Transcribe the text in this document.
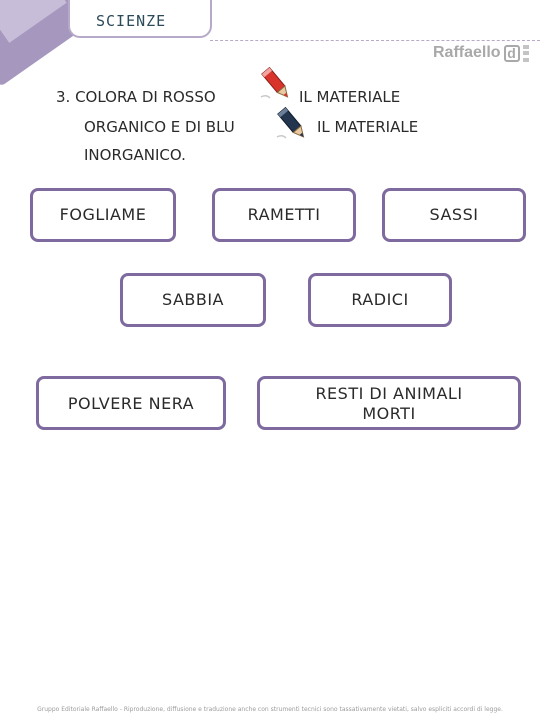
SCIENZE
Raffaello d
3. COLORA DI ROSSO	IL MATERIALE
ORGANICO E DI BLU	IL MATERIALE
INORGANICO.
FOGLIAME	RAMETTI	SASSI
SABBIA	RADICI
POLVERE NERA	RESTI DI ANIMALI
MORTI
Gruppo Editoriale Raffaello - Riproduzione, diffusione e traduzione anche con strumenti tecnici sono tassativamente vietati, salvo espliciti accordi di legge.
